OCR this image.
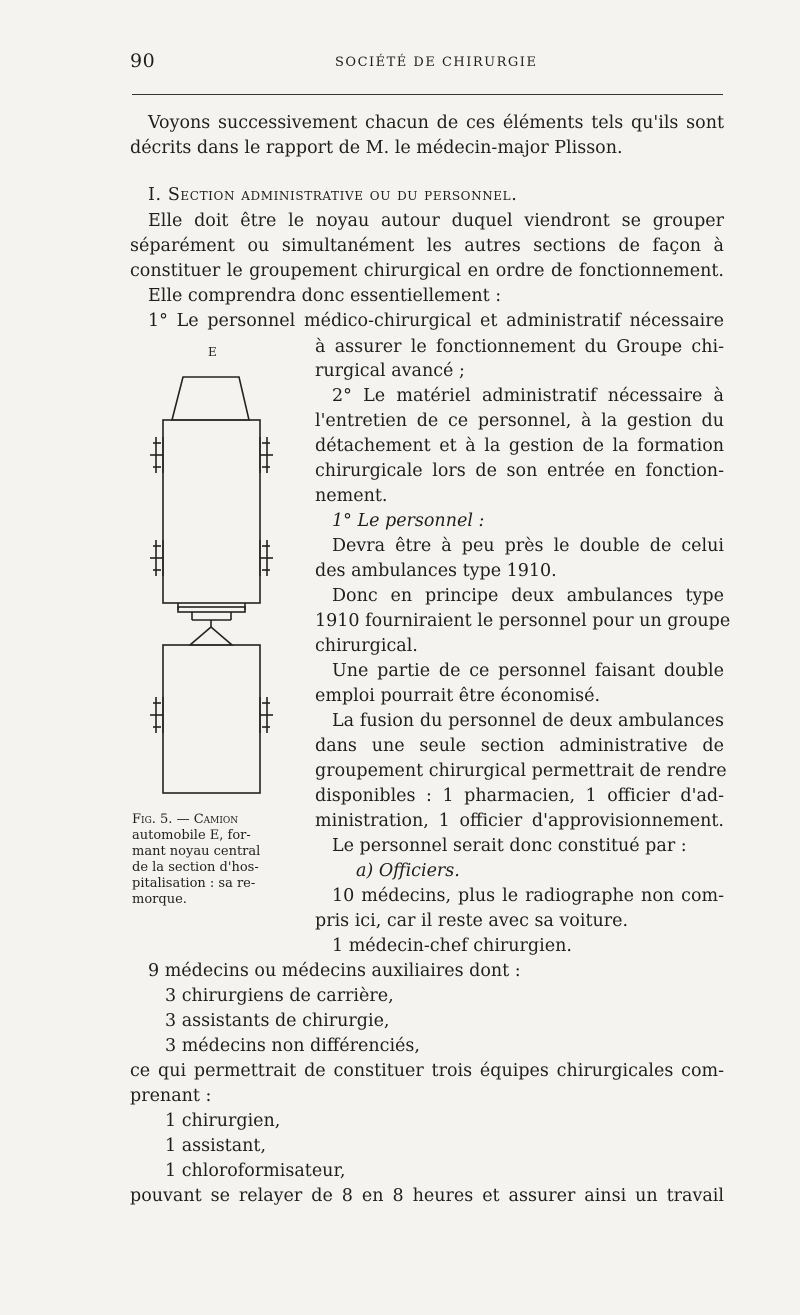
90	SOCIÉTÉ DE CHIRURGIE
Voyons successivement chacun de ces éléments tels qu'ils sont
décrits dans le rapport de M. le médecin-major Plisson.
I. Section administrative ou du personnel.
Elle doit être le noyau autour duquel viendront se grouper
séparément ou simultanément les autres sections de façon à
constituer le groupement chirurgical en ordre de fonctionnement.
Elle comprendra donc essentiellement :
1° Le personnel médico-chirurgical et administratif nécessaire
à assurer le fonctionnement du Groupe chi-
rurgical avancé ;
2° Le matériel administratif nécessaire à
l'entretien de ce personnel, à la gestion du
détachement et à la gestion de la formation
chirurgicale lors de son entrée en fonction-
nement.
1° Le personnel :
Devra être à peu près le double de celui
des ambulances type 1910.
Donc en principe deux ambulances type
1910 fourniraient le personnel pour un groupe
chirurgical.
Une partie de ce personnel faisant double
emploi pourrait être économisé.
La fusion du personnel de deux ambulances
dans une seule section administrative de
groupement chirurgical permettrait de rendre
disponibles : 1 pharmacien, 1 officier d'ad-
ministration, 1 officier d'approvisionnement.
Le personnel serait donc constitué par :
a) Officiers.
10 médecins, plus le radiographe non com-
pris ici, car il reste avec sa voiture.
1 médecin-chef chirurgien.
9 médecins ou médecins auxiliaires dont :
3 chirurgiens de carrière,
3 assistants de chirurgie,
3 médecins non différenciés,
ce qui permettrait de constituer trois équipes chirurgicales com-
prenant :
1 chirurgien,
1 assistant,
1 chloroformisateur,
pouvant se relayer de 8 en 8 heures et assurer ainsi un travail
E
Fig. 5. — Camion
automobile E, for-
mant noyau central
de la section d'hos-
pitalisation : sa re-
morque.
